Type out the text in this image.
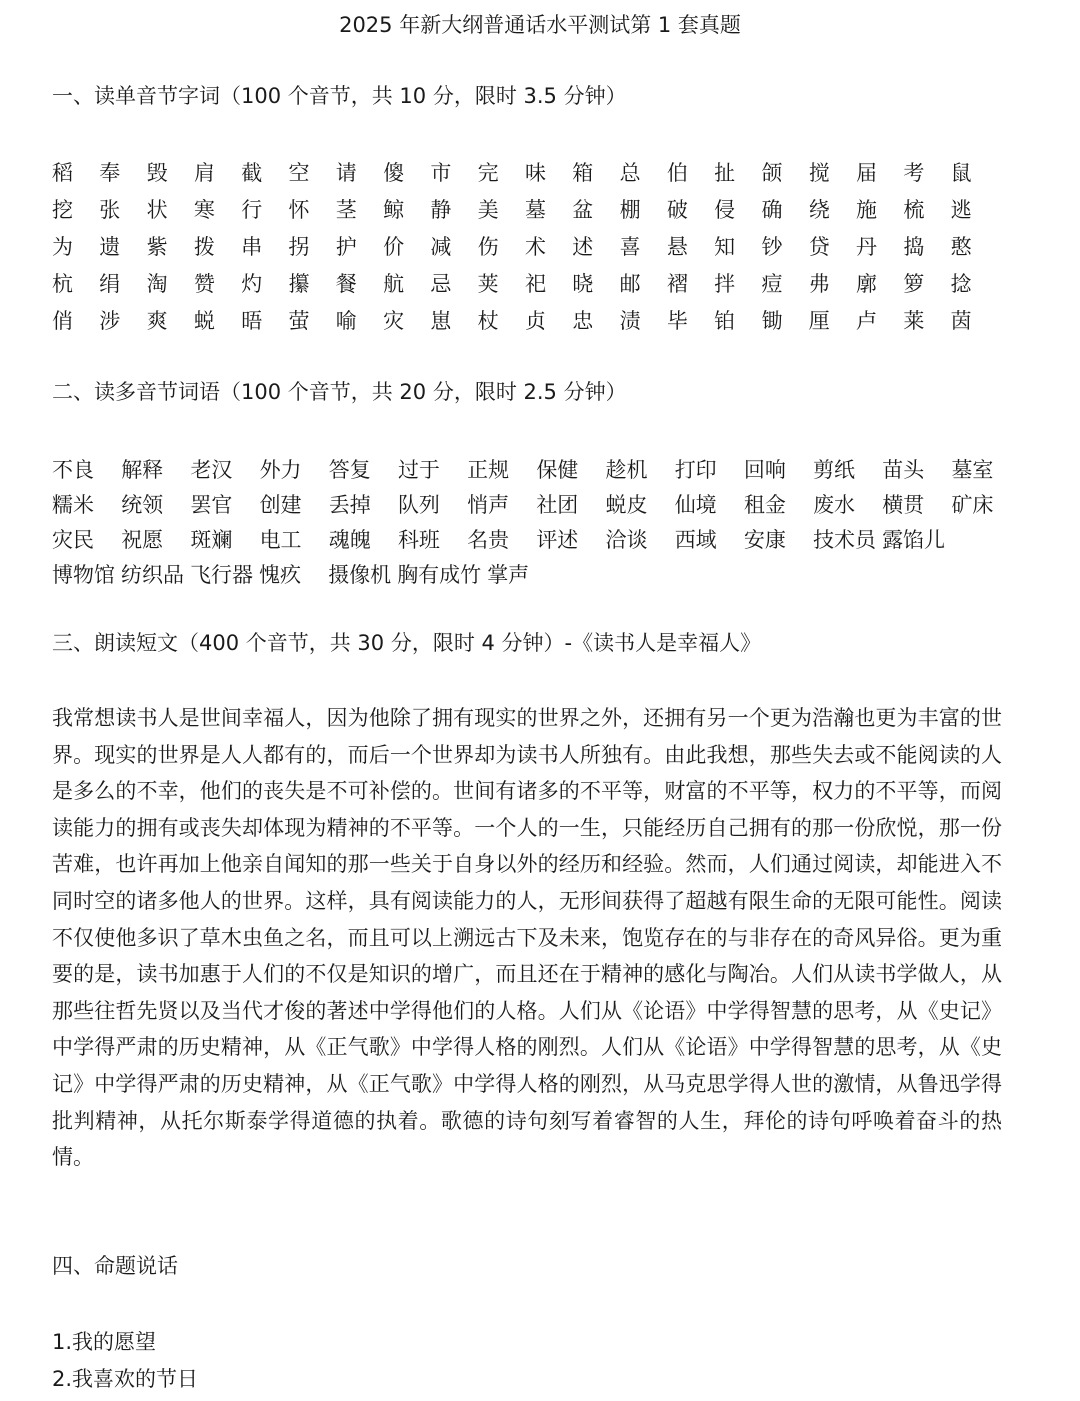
2025 年新大纲普通话水平测试第 1 套真题
一、读单音节字词（100 个音节，共 10 分，限时 3.5 分钟）
稻	奉	毁	肩	截	空	请	傻	市	完	味	箱	总	伯	扯	颌	搅	届	考	鼠
挖	张	状	寒	行	怀	茎	鲸	静	美	墓	盆	棚	破	侵	确	绕	施	梳	逃
为	遗	紫	拨	串	拐	护	价	减	伤	术	述	喜	悬	知	钞	贷	丹	捣	憨
杭	绢	淘	赞	灼	攥	餐	航	忌	荚	祀	晓	邮	褶	拌	痘	弗	廓	箩	捻
俏	涉	爽	蜕	晤	萤	喻	灾	崽	杖	贞	忠	渍	毕	铂	锄	厘	卢	莱	茵
二、读多音节词语（100 个音节，共 20 分，限时 2.5 分钟）
不良	解释	老汉	外力	答复	过于	正规	保健	趁机	打印	回响	剪纸	苗头	墓室
糯米	统领	罢官	创建	丢掉	队列	悄声	社团	蜕皮	仙境	租金	废水	横贯	矿床
灾民	祝愿	斑斓	电工	魂魄	科班	名贵	评述	洽谈	西域	安康	技术员 露馅儿
博物馆 纺织品 飞行器 愧疚	摄像机 胸有成竹 掌声
三、朗读短文（400 个音节，共 30 分，限时 4 分钟）-《读书人是幸福人》
我常想读书人是世间幸福人，因为他除了拥有现实的世界之外，还拥有另一个更为浩瀚也更为丰富的世界。现实的世界是人人都有的，而后一个世界却为读书人所独有。由此我想，那些失去或不能阅读的人是多么的不幸，他们的丧失是不可补偿的。世间有诸多的不平等，财富的不平等，权力的不平等，而阅读能力的拥有或丧失却体现为精神的不平等。一个人的一生，只能经历自己拥有的那一份欣悦，那一份苦难，也许再加上他亲自闻知的那一些关于自身以外的经历和经验。然而，人们通过阅读，却能进入不同时空的诸多他人的世界。这样，具有阅读能力的人，无形间获得了超越有限生命的无限可能性。阅读不仅使他多识了草木虫鱼之名，而且可以上溯远古下及未来，饱览存在的与非存在的奇风异俗。更为重要的是，读书加惠于人们的不仅是知识的增广，而且还在于精神的感化与陶冶。人们从读书学做人，从那些往哲先贤以及当代才俊的著述中学得他们的人格。人们从《论语》中学得智慧的思考，从《史记》中学得严肃的历史精神，从《正气歌》中学得人格的刚烈。人们从《论语》中学得智慧的思考，从《史记》中学得严肃的历史精神，从《正气歌》中学得人格的刚烈，从马克思学得人世的激情，从鲁迅学得批判精神，从托尔斯泰学得道德的执着。歌德的诗句刻写着睿智的人生，拜伦的诗句呼唤着奋斗的热情。
四、命题说话
1.我的愿望
2.我喜欢的节日
